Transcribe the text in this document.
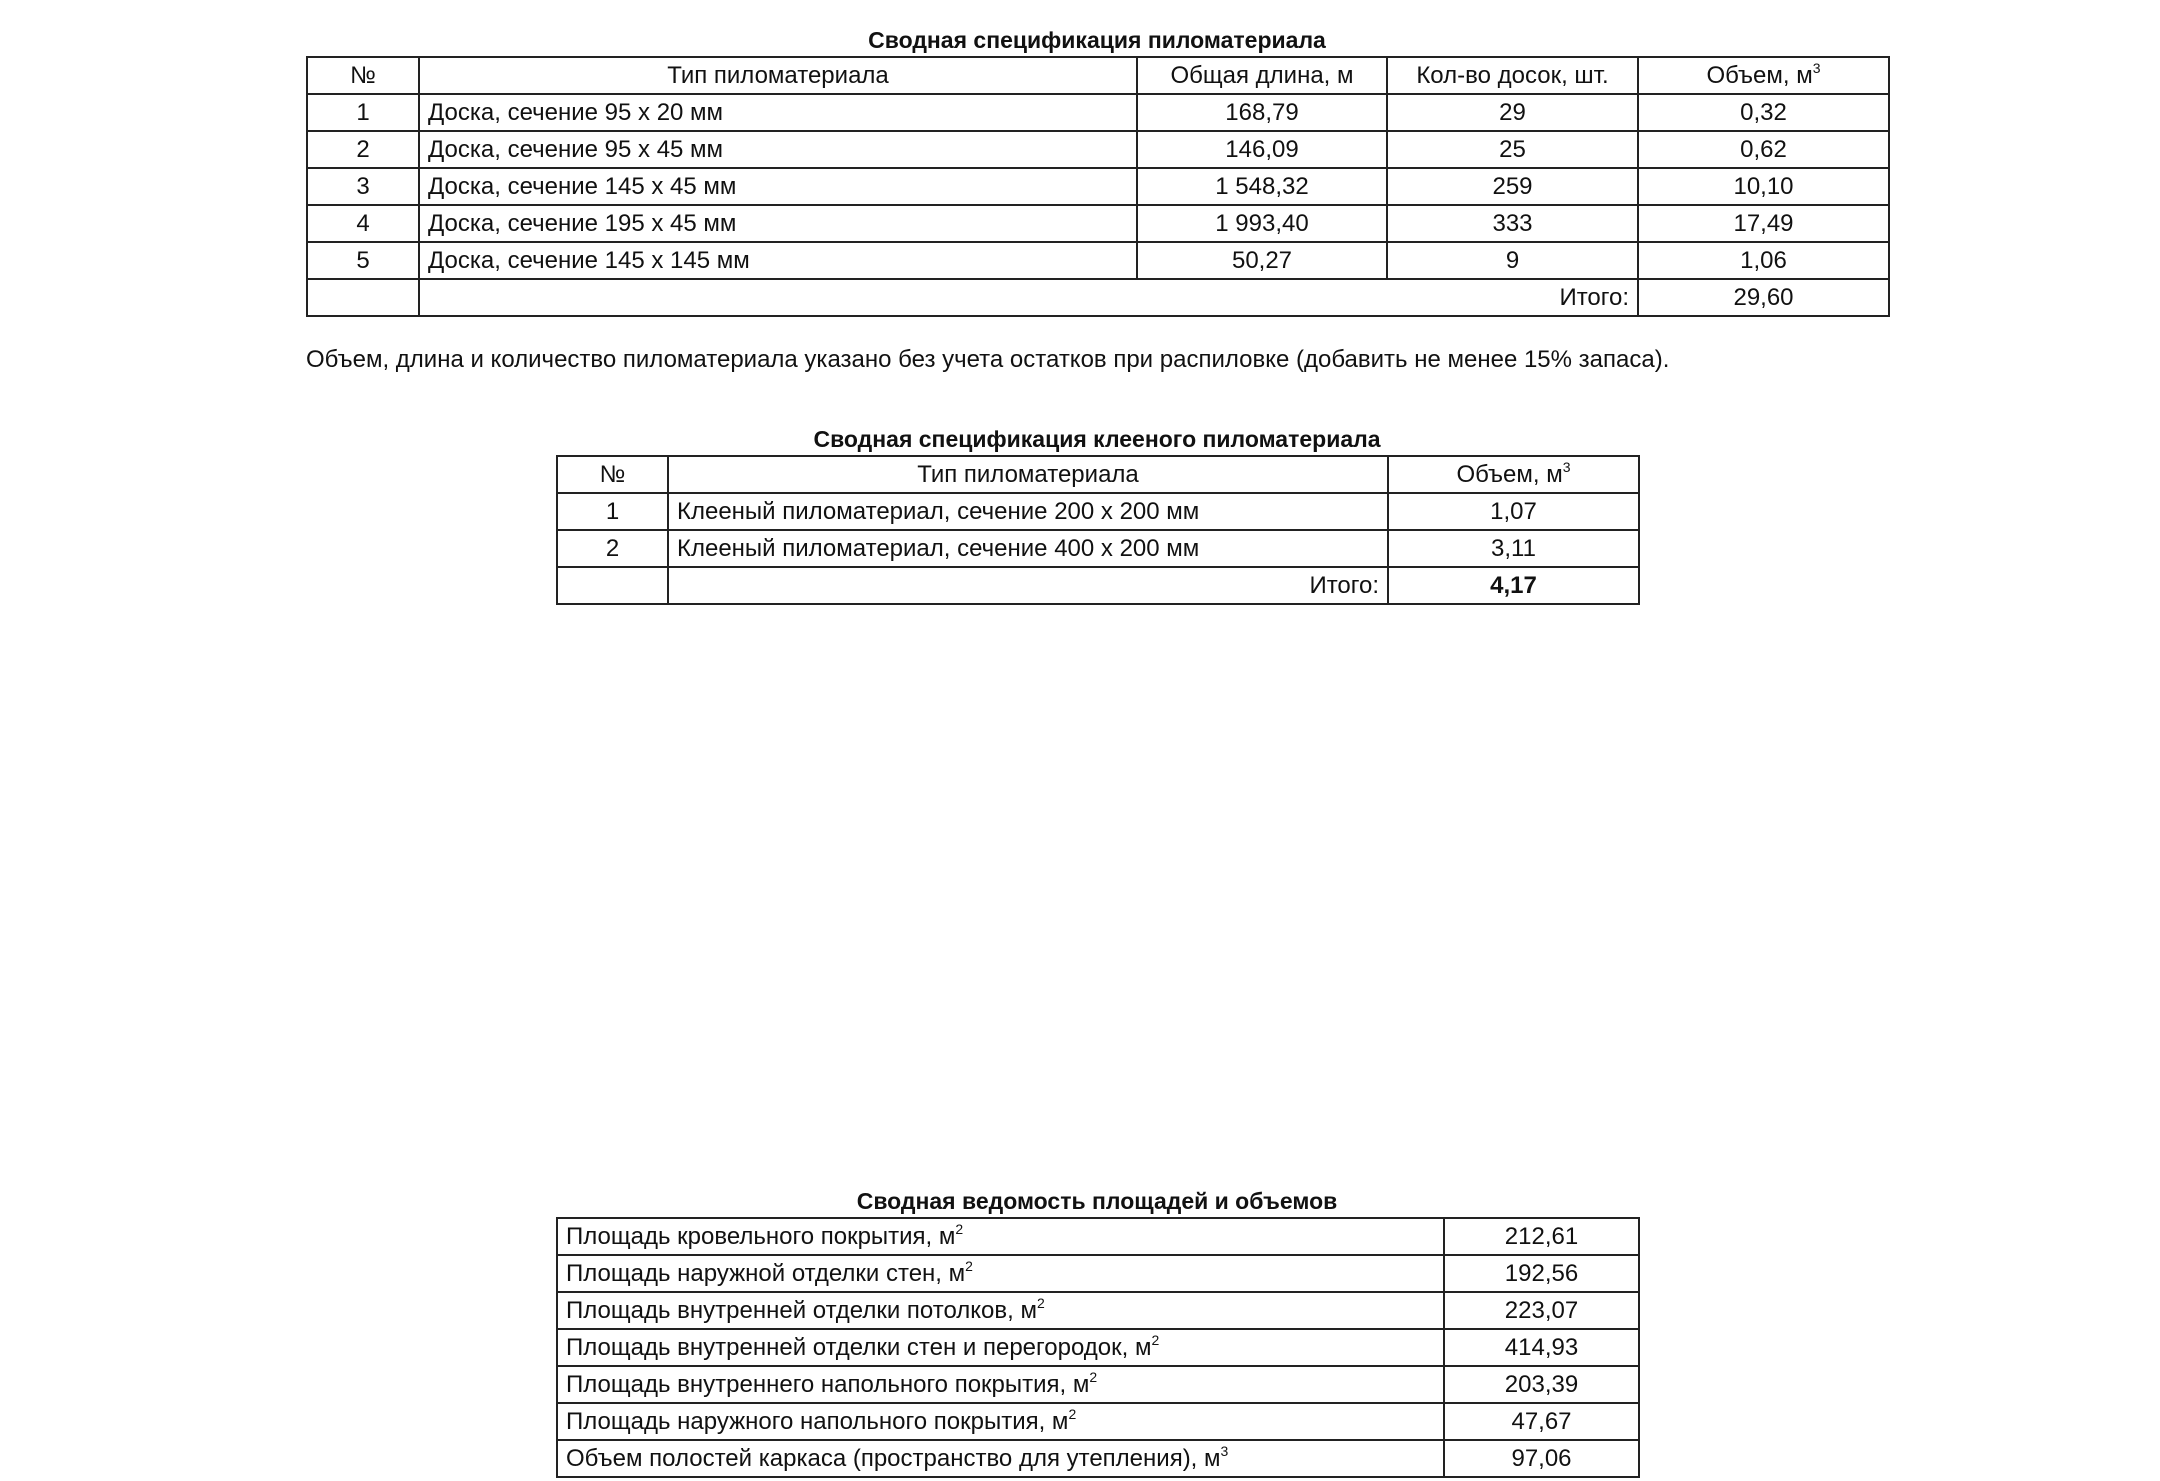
Сводная спецификация пиломатериала
№	Тип пиломатериала	Общая длина, м	Кол-во досок, шт.	Объем, $м^3$
1	Доска, сечение 95 х 20 мм	168,79	29	0,32
2	Доска, сечение 95 х 45 мм	146,09	25	0,62
3	Доска, сечение 145 х 45 мм	1 548,32	259	10,10
4	Доска, сечение 195 х 45 мм	1 993,40	333	17,49
5	Доска, сечение 145 х 145 мм	50,27	9	1,06
	Итого:			29,60
Объем, длина и количество пиломатериала указано без учета остатков при распиловке (добавить не менее 15% запаса).
Сводная спецификация клееного пиломатериала
№	Тип пиломатериала	Объем, $м^3$
1	Клееный пиломатериал, сечение 200 х 200 мм	1,07
2	Клееный пиломатериал, сечение 400 х 200 мм	3,11
	Итого:	4,17
Сводная ведомость площадей и объемов
Площадь кровельного покрытия, $м^2$	212,61
Площадь наружной отделки стен, $м^2$	192,56
Площадь внутренней отделки потолков, $м^2$	223,07
Площадь внутренней отделки стен и перегородок, $м^2$	414,93
Площадь внутреннего напольного покрытия, $м^2$	203,39
Площадь наружного напольного покрытия, $м^2$	47,67
Объем полостей каркаса (пространство для утепления), $м^3$	97,06
